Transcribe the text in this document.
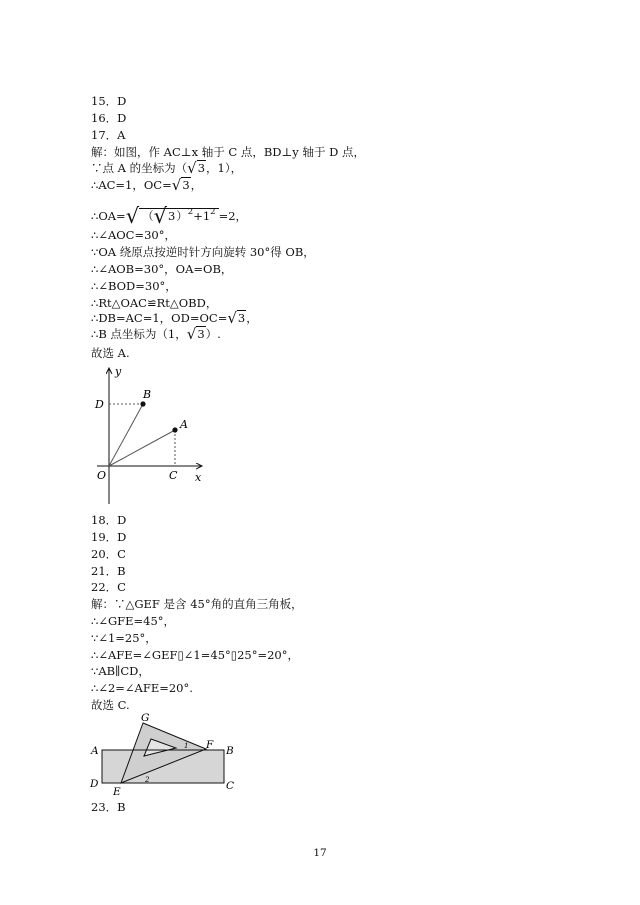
15．D
16．D
17．A
解：如图，作 AC⊥x 轴于 C 点，BD⊥y 轴于 D 点，
∵点 A 的坐标为（√3，1），
∴AC=1，OC=√3，
∴OA=√ $(√3)^2+1^2 =2$，
∴∠AOC=30°，
∵OA 绕原点按逆时针方向旋转 30°得 OB，
∴∠AOB=30°，OA=OB，
∴∠BOD=30°，
∴Rt△OAC≌Rt△OBD，
∴DB=AC=1，OD=OC=√3，
∴B 点坐标为（1，√3）.
故选 A.
y
x
O	C
D
B
A
18．D
19．D
20．C
21．B
22．C
解：∵△GEF 是含 45°角的直角三角板，
∴∠GFE=45°，
∵∠1=25°，
∴∠AFE=∠GEF▯∠1=45°▯25°=20°，
∵AB∥CD，
∴∠2=∠AFE=20°.
故选 C.
G
A	F B
D
E	C
1
2
23．B
17
